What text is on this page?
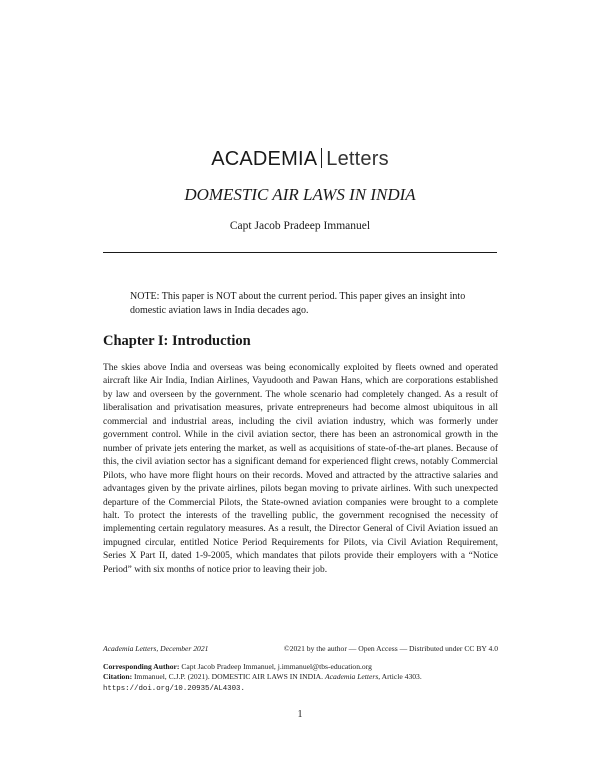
ACADEMIA Letters
DOMESTIC AIR LAWS IN INDIA
Capt Jacob Pradeep Immanuel
NOTE: This paper is NOT about the current period. This paper gives an insight into domestic aviation laws in India decades ago.
Chapter I: Introduction
The skies above India and overseas was being economically exploited by fleets owned and operated aircraft like Air India, Indian Airlines, Vayudooth and Pawan Hans, which are corporations established by law and overseen by the government. The whole scenario had completely changed. As a result of liberalisation and privatisation measures, private entrepreneurs had become almost ubiquitous in all commercial and industrial areas, including the civil aviation industry, which was formerly under government control. While in the civil aviation sector, there has been an astronomical growth in the number of private jets entering the market, as well as acquisitions of state-of-the-art planes. Because of this, the civil aviation sector has a significant demand for experienced flight crews, notably Commercial Pilots, who have more flight hours on their records. Moved and attracted by the attractive salaries and advantages given by the private airlines, pilots began moving to private airlines. With such unexpected departure of the Commercial Pilots, the State-owned aviation companies were brought to a complete halt. To protect the interests of the travelling public, the government recognised the necessity of implementing certain regulatory measures. As a result, the Director General of Civil Aviation issued an impugned circular, entitled Notice Period Requirements for Pilots, via Civil Aviation Requirement, Series X Part II, dated 1-9-2005, which mandates that pilots provide their employers with a “Notice Period” with six months of notice prior to leaving their job.
Academia Letters, December 2021	©2021 by the author — Open Access — Distributed under CC BY 4.0
Corresponding Author: Capt Jacob Pradeep Immanuel, j.immanuel@tbs-education.org
Citation: Immanuel, C.J.P. (2021). DOMESTIC AIR LAWS IN INDIA. Academia Letters, Article 4303.
https://doi.org/10.20935/AL4303.
1
